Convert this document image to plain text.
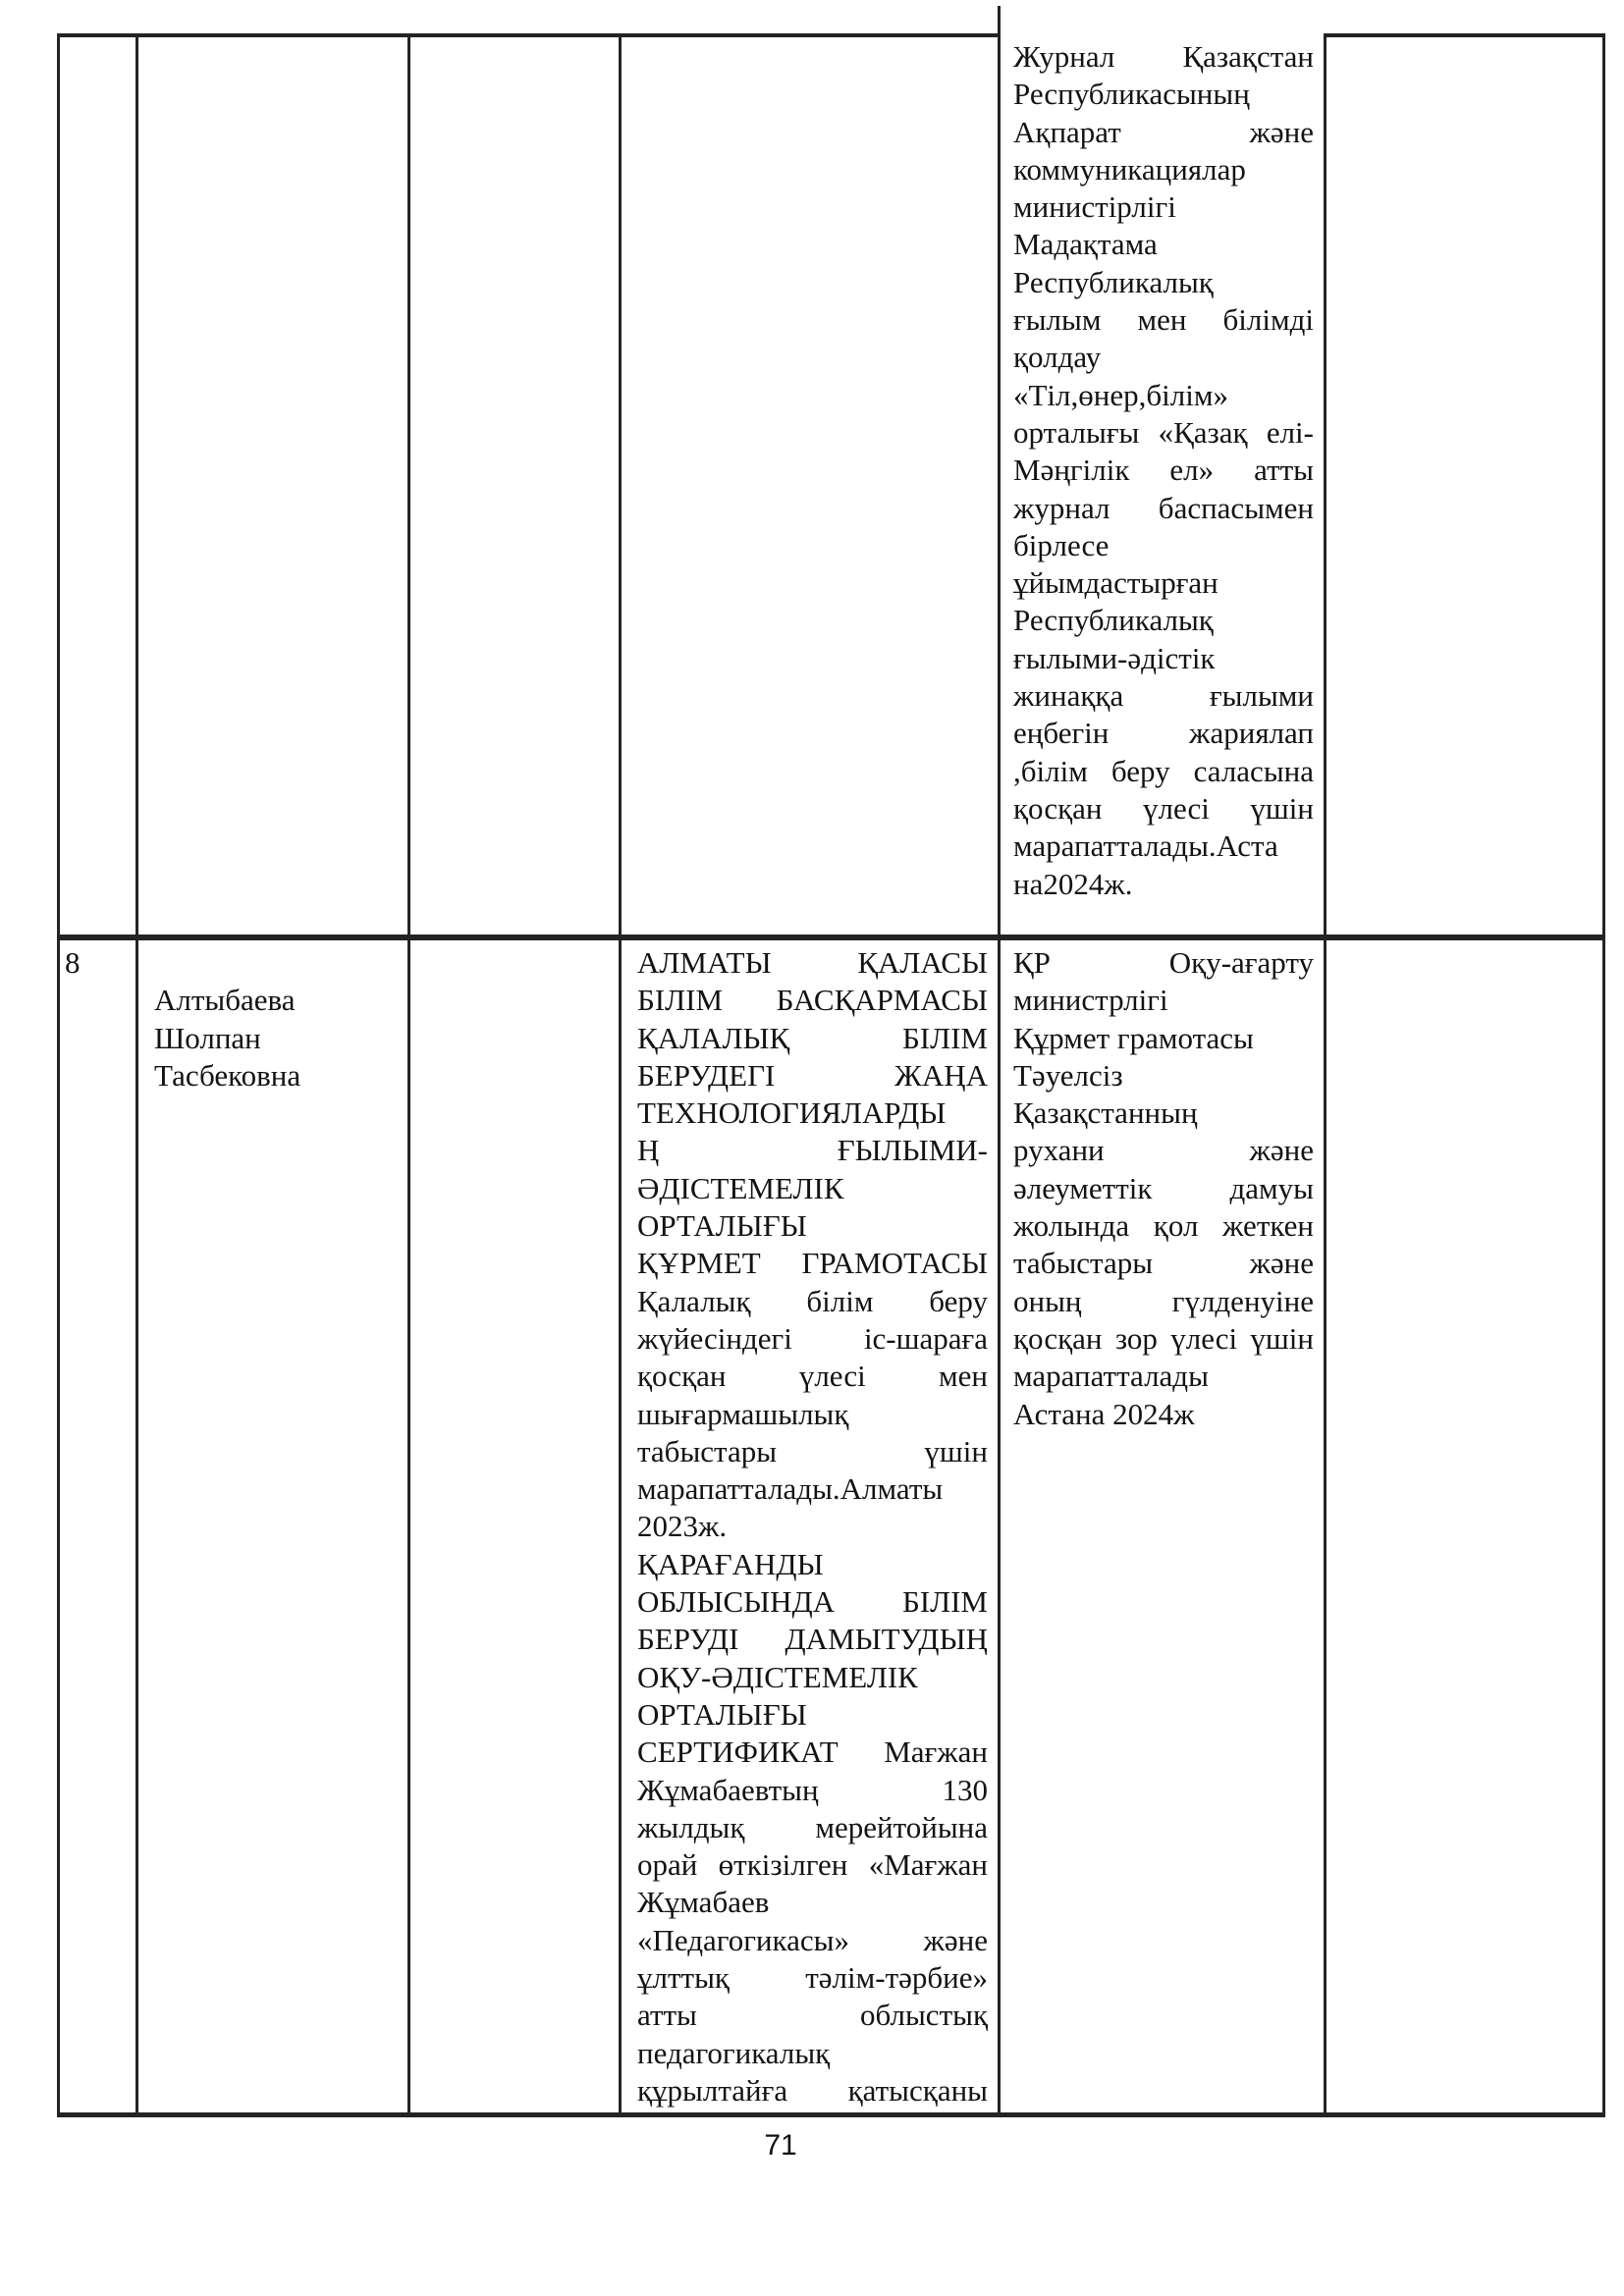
Журнал Қазақстан
Республикасының
Ақпарат және
коммуникациялар
министірлігі
Мадақтама
Республикалық
ғылым мен білімді
қолдау
«Тіл,өнер,білім»
орталығы «Қазақ елі-
Мәңгілік ел» атты
журнал баспасымен
бірлесе
ұйымдастырған
Республикалық
ғылыми-әдістік
жинаққа ғылыми
еңбегін жариялап
,білім беру саласына
қосқан үлесі үшін
марапатталады.Аста
на2024ж.
8
Алтыбаева
Шолпан
Тасбековна
АЛМАТЫ ҚАЛАСЫ
БІЛІМ БАСҚАРМАСЫ
ҚАЛАЛЫҚ БІЛІМ
БЕРУДЕГІ ЖАҢА
ТЕХНОЛОГИЯЛАРДЫ
Ң ҒЫЛЫМИ-
ӘДІСТЕМЕЛІК
ОРТАЛЫҒЫ
ҚҰРМЕТ ГРАМОТАСЫ
Қалалық білім беру
жүйесіндегі іс-шараға
қосқан үлесі мен
шығармашылық
табыстары үшін
марапатталады.Алматы
2023ж.
ҚАРАҒАНДЫ
ОБЛЫСЫНДА БІЛІМ
БЕРУДІ ДАМЫТУДЫҢ
ОҚУ-ӘДІСТЕМЕЛІК
ОРТАЛЫҒЫ
СЕРТИФИКАТ Мағжан
Жұмабаевтың 130
жылдық мерейтойына
орай өткізілген «Мағжан
Жұмабаев
«Педагогикасы» және
ұлттық тәлім-тәрбие»
атты облыстық
педагогикалық
құрылтайға қатысқаны
ҚР Оқу-ағарту
министрлігі
Құрмет грамотасы
Тәуелсіз
Қазақстанның
рухани және
әлеуметтік дамуы
жолында қол жеткен
табыстары және
оның гүлденуіне
қосқан зор үлесі үшін
марапатталады
Астана 2024ж
71
